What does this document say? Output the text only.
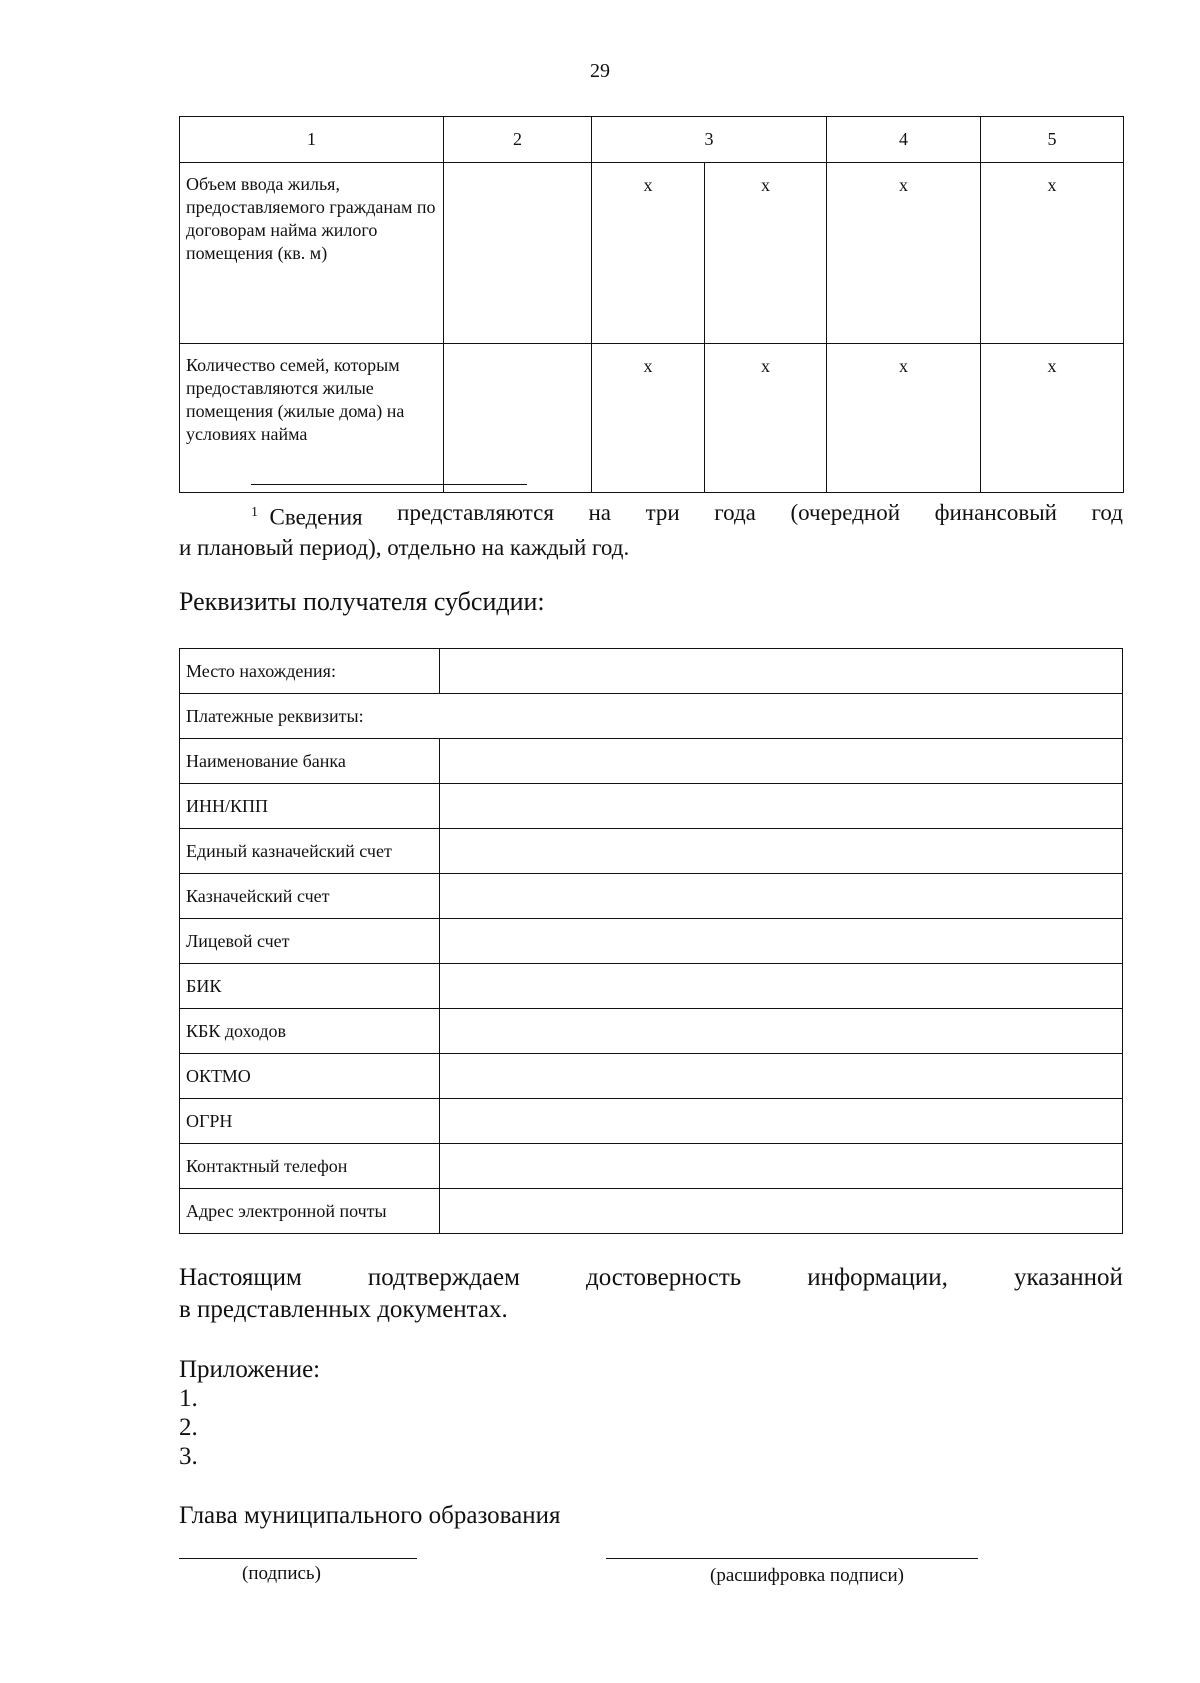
29
1	2	3		4	5
Объем ввода жилья, предоставляемого гражданам по договорам найма жилого помещения (кв. м)		х	х	х	х
Количество семей, которым предоставляются жилые помещения (жилые дома) на условиях найма		х	х	х	х
$^1$ Сведения представляются на три года (очередной финансовый год
и плановый период), отдельно на каждый год.
Реквизиты получателя субсидии:
Место нахождения:	
Платежные реквизиты:	
Наименование банка	
ИНН/КПП	
Единый казначейский счет	
Казначейский счет	
Лицевой счет	
БИК	
КБК доходов	
ОКТМО	
ОГРН	
Контактный телефон	
Адрес электронной почты	
Настоящим	подтверждаем	достоверность	информации,	указанной
в представленных документах.
Приложение:
1.
2.
3.
Глава муниципального образования
(подпись)	(расшифровка подписи)
